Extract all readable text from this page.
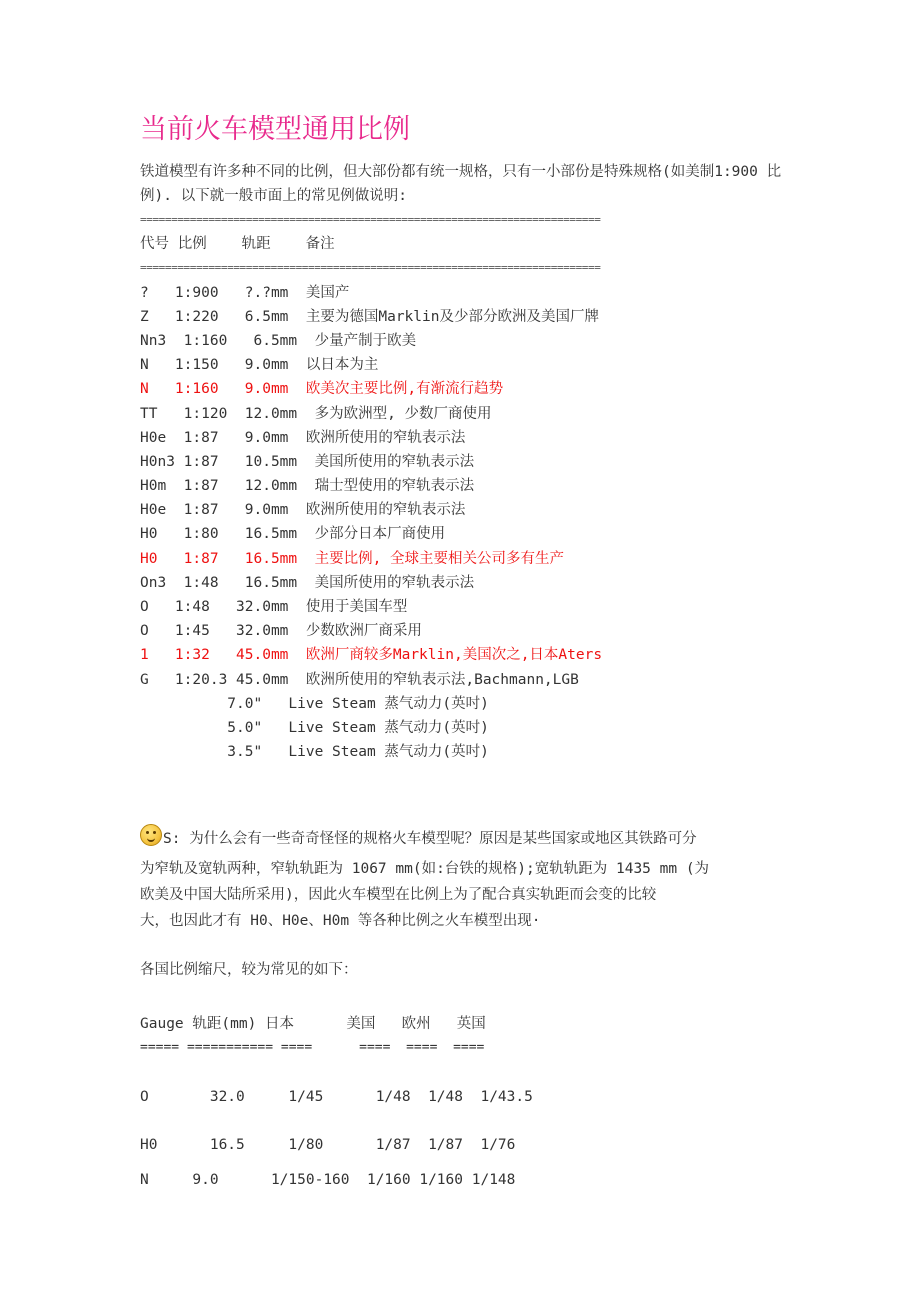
当前火车模型通用比例

铁道模型有许多种不同的比例，但大部份都有统一规格，只有一小部份是特殊规格(如美制1:900 比例). 以下就一般市面上的常见例做说明:

==========================================================================
代号 比例    轨距    备注
==========================================================================
?   1:900   ?.?mm  美国产
Z   1:220   6.5mm  主要为德国Marklin及少部分欧洲及美国厂牌
Nn3  1:160   6.5mm  少量产制于欧美
N   1:150   9.0mm  以日本为主
N   1:160   9.0mm  欧美次主要比例,有渐流行趋势
TT   1:120  12.0mm  多为欧洲型, 少数厂商使用
H0e  1:87   9.0mm  欧洲所使用的窄轨表示法
H0n3 1:87   10.5mm  美国所使用的窄轨表示法
H0m  1:87   12.0mm  瑞士型使用的窄轨表示法
H0e  1:87   9.0mm  欧洲所使用的窄轨表示法
H0   1:80   16.5mm  少部分日本厂商使用
H0   1:87   16.5mm  主要比例, 全球主要相关公司多有生产
On3  1:48   16.5mm  美国所使用的窄轨表示法
O   1:48   32.0mm  使用于美国车型
O   1:45   32.0mm  少数欧洲厂商采用
1   1:32   45.0mm  欧洲厂商较多Marklin,美国次之,日本Aters
G   1:20.3 45.0mm  欧洲所使用的窄轨表示法,Bachmann,LGB
7.0"   Live Steam 蒸气动力(英吋)
5.0"   Live Steam 蒸气动力(英吋)
3.5"   Live Steam 蒸气动力(英吋)

S: 为什么会有一些奇奇怪怪的规格火车模型呢？原因是某些国家或地区其铁路可分

为窄轨及宽轨两种，窄轨轨距为 1067 mm(如:台铁的规格);宽轨轨距为 1435 mm (为

欧美及中国大陆所采用)，因此火车模型在比例上为了配合真实轨距而会变的比较

大，也因此才有 H0、H0e、H0m 等各种比例之火车模型出现·

各国比例缩尺，较为常见的如下：

Gauge 轨距(mm) 日本      美国   欧州   英国
===== =========== ====      ====  ====  ====
O       32.0     1/45      1/48  1/48  1/43.5
H0      16.5     1/80      1/87  1/87  1/76
N     9.0      1/150-160  1/160 1/160 1/148
